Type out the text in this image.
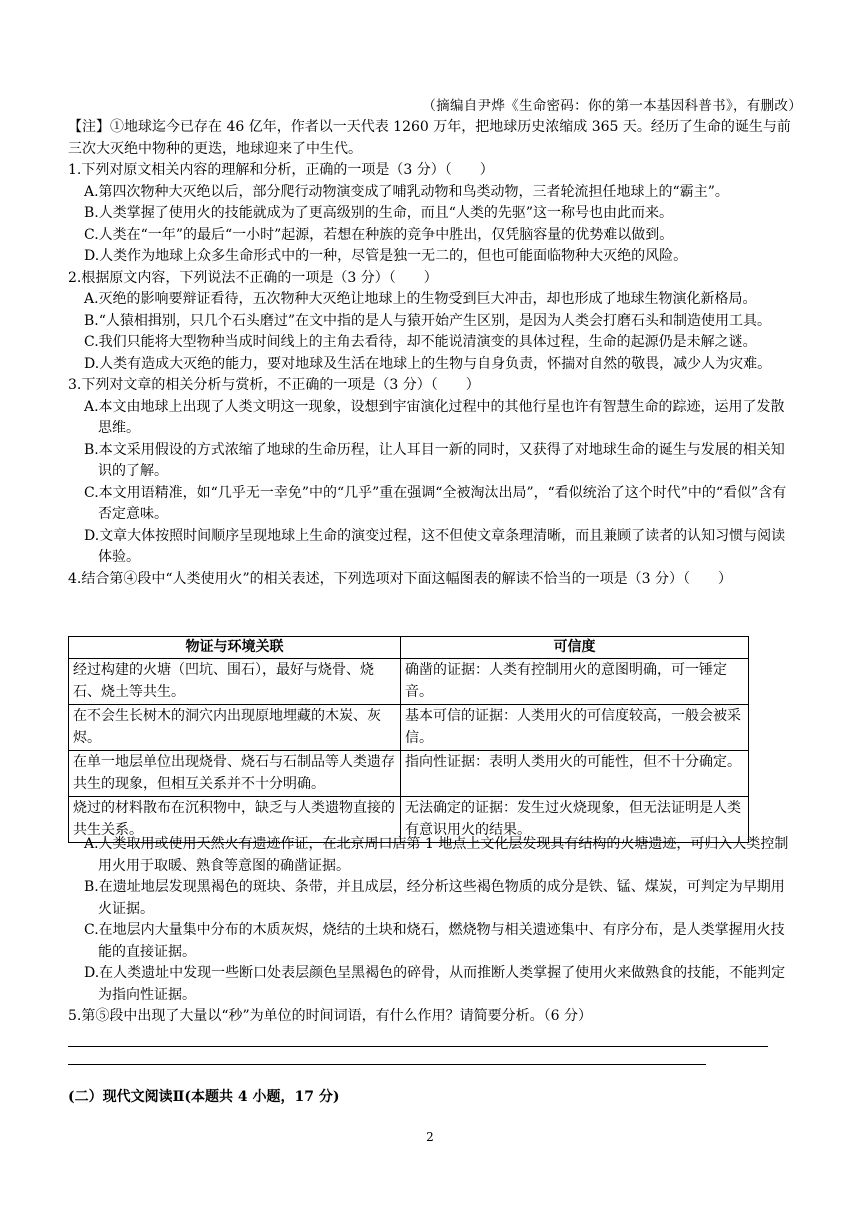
（摘编自尹烨《生命密码：你的第一本基因科普书》，有删改）

【注】①地球迄今已存在 46 亿年，作者以一天代表 1260 万年，把地球历史浓缩成 365 天。经历了生命的诞生与前三次大灭绝中物种的更迭，地球迎来了中生代。

1.下列对原文相关内容的理解和分析，正确的一项是（3 分）（　　）

A.第四次物种大灭绝以后，部分爬行动物演变成了哺乳动物和鸟类动物，三者轮流担任地球上的“霸主”。

B.人类掌握了使用火的技能就成为了更高级别的生命，而且“人类的先驱”这一称号也由此而来。

C.人类在“一年”的最后“一小时”起源，若想在种族的竞争中胜出，仅凭脑容量的优势难以做到。

D.人类作为地球上众多生命形式中的一种，尽管是独一无二的，但也可能面临物种大灭绝的风险。

2.根据原文内容，下列说法不正确的一项是（3 分）（　　）

A.灭绝的影响要辩证看待，五次物种大灭绝让地球上的生物受到巨大冲击，却也形成了地球生物演化新格局。

B.“人猿相揖别，只几个石头磨过”在文中指的是人与猿开始产生区别，是因为人类会打磨石头和制造使用工具。

C.我们只能将大型物种当成时间线上的主角去看待，却不能说清演变的具体过程，生命的起源仍是未解之谜。

D.人类有造成大灭绝的能力，要对地球及生活在地球上的生物与自身负责，怀揣对自然的敬畏，减少人为灾难。

3.下列对文章的相关分析与赏析，不正确的一项是（3 分）（　　）

A.本文由地球上出现了人类文明这一现象，设想到宇宙演化过程中的其他行星也许有智慧生命的踪迹，运用了发散思维。

B.本文采用假设的方式浓缩了地球的生命历程，让人耳目一新的同时，又获得了对地球生命的诞生与发展的相关知识的了解。

C.本文用语精准，如“几乎无一幸免”中的“几乎”重在强调“全被淘汰出局”，“看似统治了这个时代”中的“看似”含有否定意味。

D.文章大体按照时间顺序呈现地球上生命的演变过程，这不但使文章条理清晰，而且兼顾了读者的认知习惯与阅读体验。

4.结合第④段中“人类使用火”的相关表述，下列选项对下面这幅图表的解读不恰当的一项是（3 分）（　　）

物证与环境关联	可信度
经过构建的火塘（凹坑、围石），最好与烧骨、烧石、烧土等共生。	确凿的证据：人类有控制用火的意图明确，可一锤定音。
在不会生长树木的洞穴内出现原地埋藏的木炭、灰烬。	基本可信的证据：人类用火的可信度较高，一般会被采信。
在单一地层单位出现烧骨、烧石与石制品等人类遗存共生的现象，但相互关系并不十分明确。	指向性证据：表明人类用火的可能性，但不十分确定。
烧过的材料散布在沉积物中，缺乏与人类遗物直接的共生关系。	无法确定的证据：发生过火烧现象，但无法证明是人类有意识用火的结果。

A.人类取用或使用天然火有遗迹作证，在北京周口店第 1 地点上文化层发现具有结构的火塘遗迹，可归入人类控制用火用于取暖、熟食等意图的确凿证据。

B.在遗址地层发现黑褐色的斑块、条带，并且成层，经分析这些褐色物质的成分是铁、锰、煤炭，可判定为早期用火证据。

C.在地层内大量集中分布的木质灰烬，烧结的土块和烧石，燃烧物与相关遗迹集中、有序分布，是人类掌握用火技能的直接证据。

D.在人类遗址中发现一些断口处表层颜色呈黑褐色的碎骨，从而推断人类掌握了使用火来做熟食的技能，不能判定为指向性证据。

5.第⑤段中出现了大量以“秒”为单位的时间词语，有什么作用？请简要分析。（6 分）

(二）现代文阅读Ⅱ(本题共 4 小题，17 分)
2
